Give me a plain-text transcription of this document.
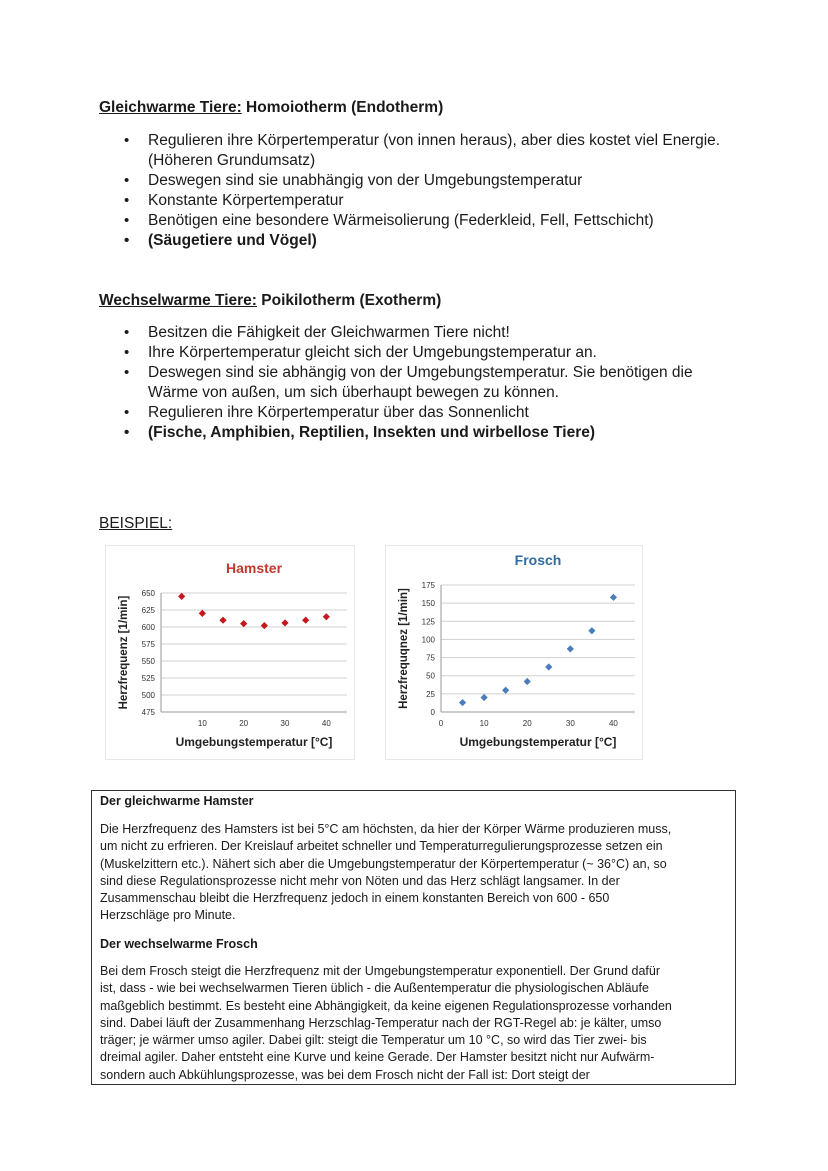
Gleichwarme Tiere: Homoiotherm (Endotherm)
• Regulieren ihre Körpertemperatur (von innen heraus), aber dies kostet viel Energie. (Höheren Grundumsatz)
• Deswegen sind sie unabhängig von der Umgebungstemperatur
• Konstante Körpertemperatur
• Benötigen eine besondere Wärmeisolierung (Federkleid, Fell, Fettschicht)
• (Säugetiere und Vögel)
Wechselwarme Tiere: Poikilotherm (Exotherm)
• Besitzen die Fähigkeit der Gleichwarmen Tiere nicht!
• Ihre Körpertemperatur gleicht sich der Umgebungstemperatur an.
• Deswegen sind sie abhängig von der Umgebungstemperatur. Sie benötigen die Wärme von außen, um sich überhaupt bewegen zu können.
• Regulieren ihre Körpertemperatur über das Sonnenlicht
• (Fische, Amphibien, Reptilien, Insekten und wirbellose Tiere)
BEISPIEL:
475
500
525
550
575
600
625
650
10	20	30	40
Hamster
Umgebungstemperatur [°C]
Herzfrequenz [1/min]
0
25
50
75
100
125
150
175
0	10	20	30	40
Frosch
Umgebungstemperatur [°C]
Herzfrequqnez [1/min]
Der gleichwarme Hamster
Die Herzfrequenz des Hamsters ist bei 5°C am höchsten, da hier der Körper Wärme produzieren muss,
um nicht zu erfrieren. Der Kreislauf arbeitet schneller und Temperaturregulierungsprozesse setzen ein
(Muskelzittern etc.). Nähert sich aber die Umgebungstemperatur der Körpertemperatur (~ 36°C) an, so
sind diese Regulationsprozesse nicht mehr von Nöten und das Herz schlägt langsamer. In der
Zusammenschau bleibt die Herzfrequenz jedoch in einem konstanten Bereich von 600 - 650
Herzschläge pro Minute.
Der wechselwarme Frosch
Bei dem Frosch steigt die Herzfrequenz mit der Umgebungstemperatur exponentiell. Der Grund dafür
ist, dass - wie bei wechselwarmen Tieren üblich - die Außentemperatur die physiologischen Abläufe
maßgeblich bestimmt. Es besteht eine Abhängigkeit, da keine eigenen Regulationsprozesse vorhanden
sind. Dabei läuft der Zusammenhang Herzschlag-Temperatur nach der RGT-Regel ab: je kälter, umso
träger; je wärmer umso agiler. Dabei gilt: steigt die Temperatur um 10 °C, so wird das Tier zwei- bis
dreimal agiler. Daher entsteht eine Kurve und keine Gerade. Der Hamster besitzt nicht nur Aufwärm-
sondern auch Abkühlungsprozesse, was bei dem Frosch nicht der Fall ist: Dort steigt der
